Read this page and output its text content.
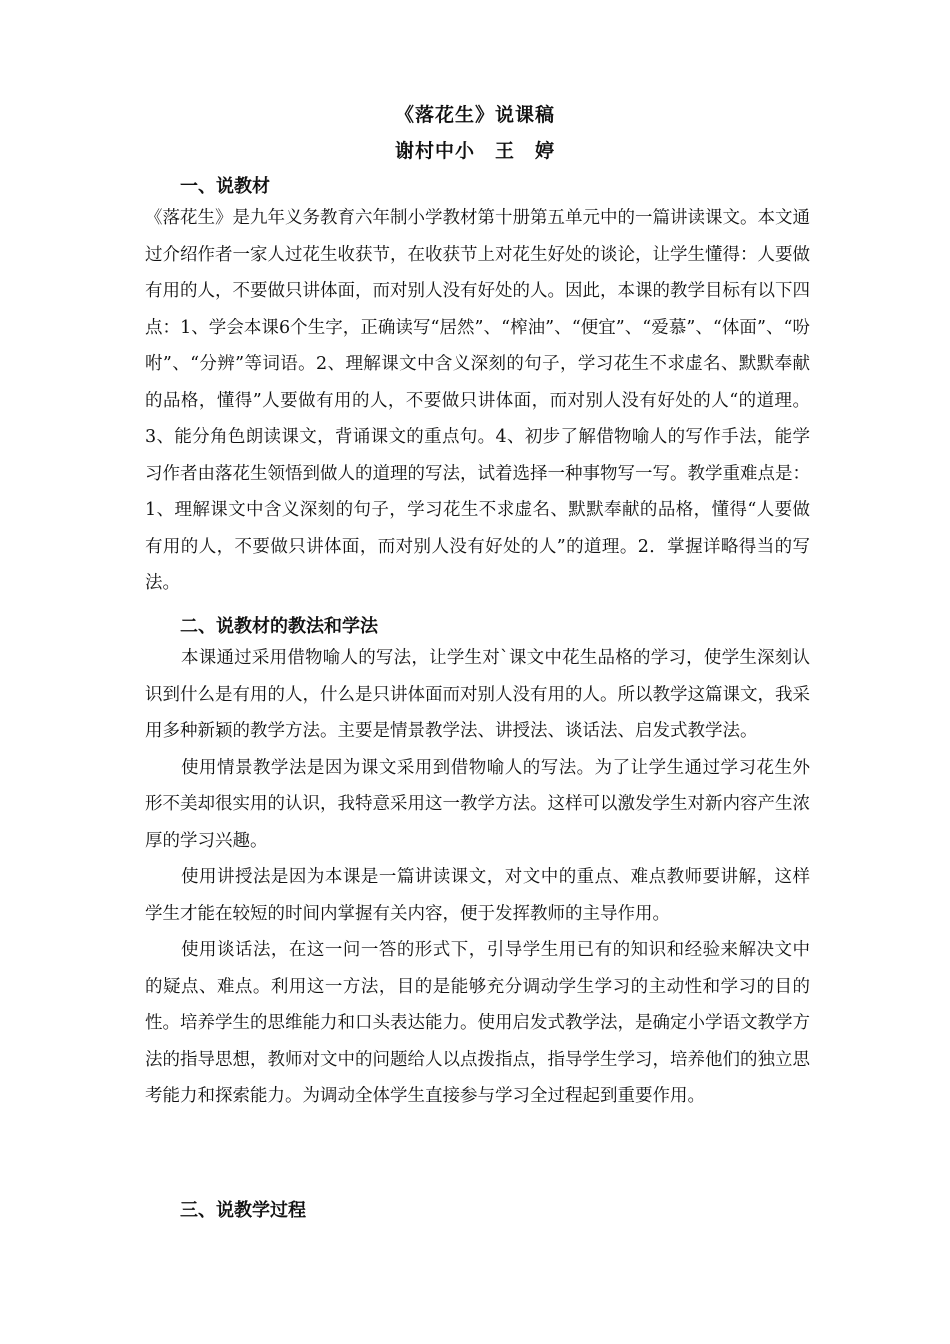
《落花生》说课稿
谢村中小　王　婷
一、说教材

《落花生》是九年义务教育六年制小学教材第十册第五单元中的一篇讲读课文。本文通过介绍作者一家人过花生收获节，在收获节上对花生好处的谈论，让学生懂得：人要做有用的人，不要做只讲体面，而对别人没有好处的人。因此，本课的教学目标有以下四点：1、学会本课6个生字，正确读写“居然”、“榨油”、“便宜”、“爱慕”、“体面”、“吩咐”、“分辨”等词语。2、理解课文中含义深刻的句子，学习花生不求虚名、默默奉献的品格，懂得”人要做有用的人，不要做只讲体面，而对别人没有好处的人“的道理。3、能分角色朗读课文，背诵课文的重点句。4、初步了解借物喻人的写作手法，能学习作者由落花生领悟到做人的道理的写法，试着选择一种事物写一写。教学重难点是：1、理解课文中含义深刻的句子，学习花生不求虚名、默默奉献的品格，懂得“人要做有用的人，不要做只讲体面，而对别人没有好处的人”的道理。2．掌握详略得当的写法。

二、说教材的教法和学法

本课通过采用借物喻人的写法，让学生对`课文中花生品格的学习，使学生深刻认识到什么是有用的人，什么是只讲体面而对别人没有用的人。所以教学这篇课文，我采用多种新颖的教学方法。主要是情景教学法、讲授法、谈话法、启发式教学法。

使用情景教学法是因为课文采用到借物喻人的写法。为了让学生通过学习花生外形不美却很实用的认识，我特意采用这一教学方法。这样可以激发学生对新内容产生浓厚的学习兴趣。

使用讲授法是因为本课是一篇讲读课文，对文中的重点、难点教师要讲解，这样学生才能在较短的时间内掌握有关内容，便于发挥教师的主导作用。

使用谈话法，在这一问一答的形式下，引导学生用已有的知识和经验来解决文中的疑点、难点。利用这一方法，目的是能够充分调动学生学习的主动性和学习的目的性。培养学生的思维能力和口头表达能力。使用启发式教学法，是确定小学语文教学方法的指导思想，教师对文中的问题给人以点拨指点，指导学生学习，培养他们的独立思考能力和探索能力。为调动全体学生直接参与学习全过程起到重要作用。

三、说教学过程
